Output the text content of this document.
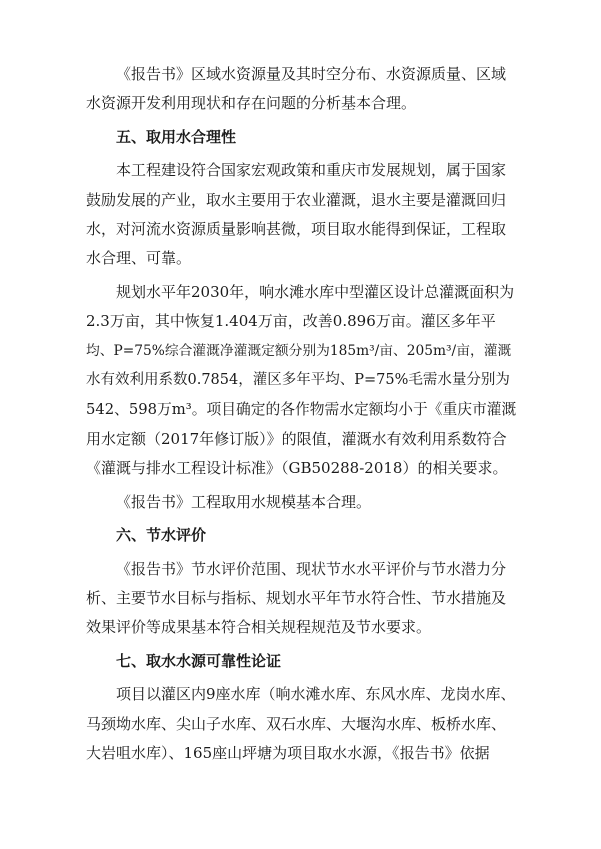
《报告书》区域水资源量及其时空分布、水资源质量、区域
水资源开发利用现状和存在问题的分析基本合理。
五、取用水合理性
本工程建设符合国家宏观政策和重庆市发展规划，属于国家
鼓励发展的产业，取水主要用于农业灌溉，退水主要是灌溉回归
水，对河流水资源质量影响甚微，项目取水能得到保证，工程取
水合理、可靠。
规划水平年2030年，响水滩水库中型灌区设计总灌溉面积为
2.3万亩，其中恢复1.404万亩，改善0.896万亩。灌区多年平
均、P=75%综合灌溉净灌溉定额分别为185m³/亩、205m³/亩，灌溉
水有效利用系数0.7854，灌区多年平均、P=75%毛需水量分别为
542、598万m³。项目确定的各作物需水定额均小于《重庆市灌溉
用水定额（2017年修订版）》的限值，灌溉水有效利用系数符合
《灌溉与排水工程设计标准》（GB50288-2018）的相关要求。
《报告书》工程取用水规模基本合理。
六、节水评价
《报告书》节水评价范围、现状节水水平评价与节水潜力分
析、主要节水目标与指标、规划水平年节水符合性、节水措施及
效果评价等成果基本符合相关规程规范及节水要求。
七、取水水源可靠性论证
项目以灌区内9座水库（响水滩水库、东风水库、龙岗水库、
马颈坳水库、尖山子水库、双石水库、大堰沟水库、板桥水库、
大岩咀水库）、165座山坪塘为项目取水水源，《报告书》依据
